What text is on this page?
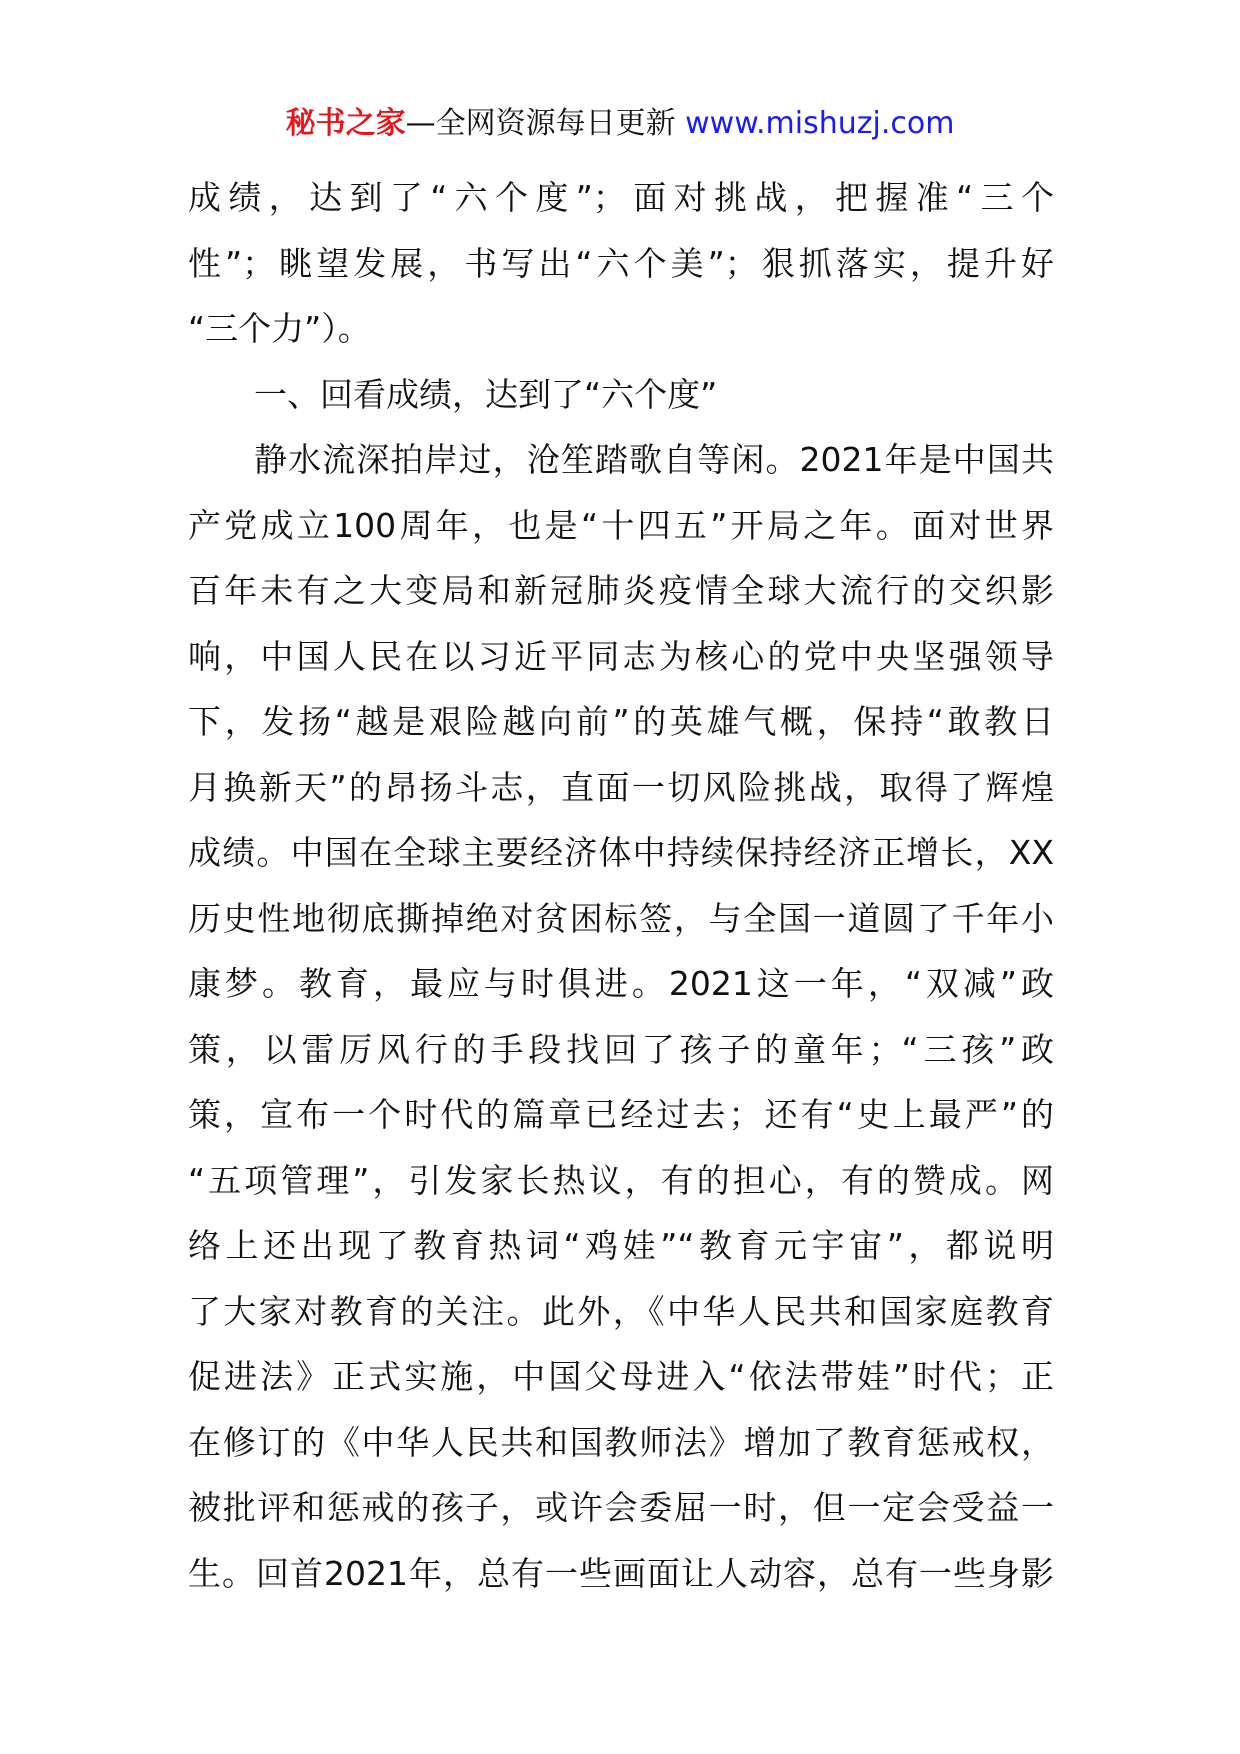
秘书之家—全网资源每日更新 www.mishuzj.com
成绩，达到了“六个度”；面对挑战，把握准“三个
性”；眺望发展，书写出“六个美”；狠抓落实，提升好
“三个力”）。
一、回看成绩，达到了“六个度”
静水流深拍岸过，沧笙踏歌自等闲。2021年是中国共
产党成立100周年，也是“十四五”开局之年。面对世界
百年未有之大变局和新冠肺炎疫情全球大流行的交织影
响，中国人民在以习近平同志为核心的党中央坚强领导
下，发扬“越是艰险越向前”的英雄气概，保持“敢教日
月换新天”的昂扬斗志，直面一切风险挑战，取得了辉煌
成绩。中国在全球主要经济体中持续保持经济正增长，XX
历史性地彻底撕掉绝对贫困标签，与全国一道圆了千年小
康梦。教育，最应与时俱进。2021这一年，“双减”政
策，以雷厉风行的手段找回了孩子的童年；“三孩”政
策，宣布一个时代的篇章已经过去；还有“史上最严”的
“五项管理”，引发家长热议，有的担心，有的赞成。网
络上还出现了教育热词“鸡娃”“教育元宇宙”，都说明
了大家对教育的关注。此外，《中华人民共和国家庭教育
促进法》正式实施，中国父母进入“依法带娃”时代；正
在修订的《中华人民共和国教师法》增加了教育惩戒权，
被批评和惩戒的孩子，或许会委屈一时，但一定会受益一
生。回首2021年，总有一些画面让人动容，总有一些身影
